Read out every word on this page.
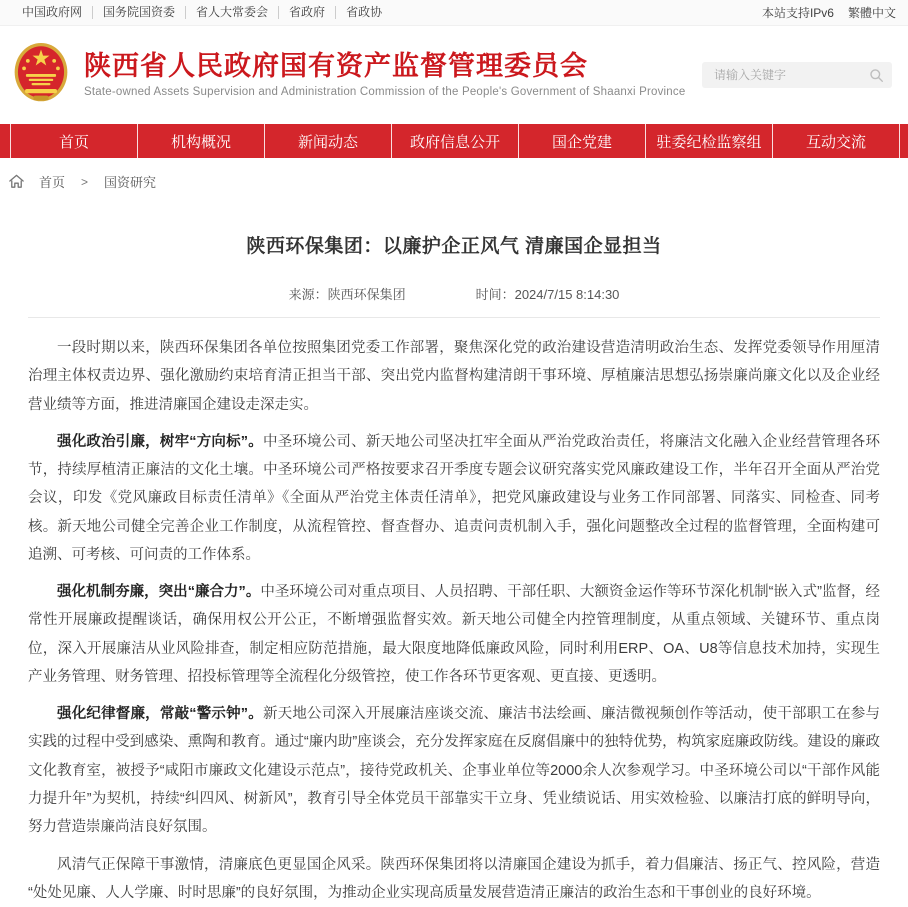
中国政府网	国务院国资委	省人大常委会	省政府	省政协	本站支持IPv6 繁體中文
陕西省人民政府国有资产监督管理委员会
State-owned Assets Supervision and Administration Commission of the People's Government of Shaanxi Province
请输入关键字
首页	机构概况	新闻动态	政府信息公开	国企党建	驻委纪检监察组	互动交流
首页 > 国资研究
陕西环保集团：以廉护企正风气 清廉国企显担当
来源：陕西环保集团	时间：2024/7/15 8:14:30

一段时期以来，陕西环保集团各单位按照集团党委工作部署，聚焦深化党的政治建设营造清明政治生态、发挥党委领导作用厘清治理主体权责边界、强化激励约束培育清正担当干部、突出党内监督构建清朗干事环境、厚植廉洁思想弘扬崇廉尚廉文化以及企业经营业绩等方面，推进清廉国企建设走深走实。

强化政治引廉，树牢“方向标”。中圣环境公司、新天地公司坚决扛牢全面从严治党政治责任，将廉洁文化融入企业经营管理各环节，持续厚植清正廉洁的文化土壤。中圣环境公司严格按要求召开季度专题会议研究落实党风廉政建设工作，半年召开全面从严治党会议，印发《党风廉政目标责任清单》《全面从严治党主体责任清单》，把党风廉政建设与业务工作同部署、同落实、同检查、同考核。新天地公司健全完善企业工作制度，从流程管控、督查督办、追责问责机制入手，强化问题整改全过程的监督管理，全面构建可追溯、可考核、可问责的工作体系。

强化机制夯廉，突出“廉合力”。中圣环境公司对重点项目、人员招聘、干部任职、大额资金运作等环节深化机制“嵌入式”监督，经常性开展廉政提醒谈话，确保用权公开公正，不断增强监督实效。新天地公司健全内控管理制度，从重点领域、关键环节、重点岗位，深入开展廉洁从业风险排查，制定相应防范措施，最大限度地降低廉政风险，同时利用ERP、OA、U8等信息技术加持，实现生产业务管理、财务管理、招投标管理等全流程化分级管控，使工作各环节更客观、更直接、更透明。

强化纪律督廉，常敲“警示钟”。新天地公司深入开展廉洁座谈交流、廉洁书法绘画、廉洁微视频创作等活动，使干部职工在参与实践的过程中受到感染、熏陶和教育。通过“廉内助”座谈会，充分发挥家庭在反腐倡廉中的独特优势，构筑家庭廉政防线。建设的廉政文化教育室，被授予“咸阳市廉政文化建设示范点”，接待党政机关、企事业单位等2000余人次参观学习。中圣环境公司以“干部作风能力提升年”为契机，持续“纠四风、树新风”，教育引导全体党员干部靠实干立身、凭业绩说话、用实效检验、以廉洁打底的鲜明导向，努力营造崇廉尚洁良好氛围。

风清气正保障干事激情，清廉底色更显国企风采。陕西环保集团将以清廉国企建设为抓手，着力倡廉洁、扬正气、控风险，营造“处处见廉、人人学廉、时时思廉”的良好氛围，为推动企业实现高质量发展营造清正廉洁的政治生态和干事创业的良好环境。
